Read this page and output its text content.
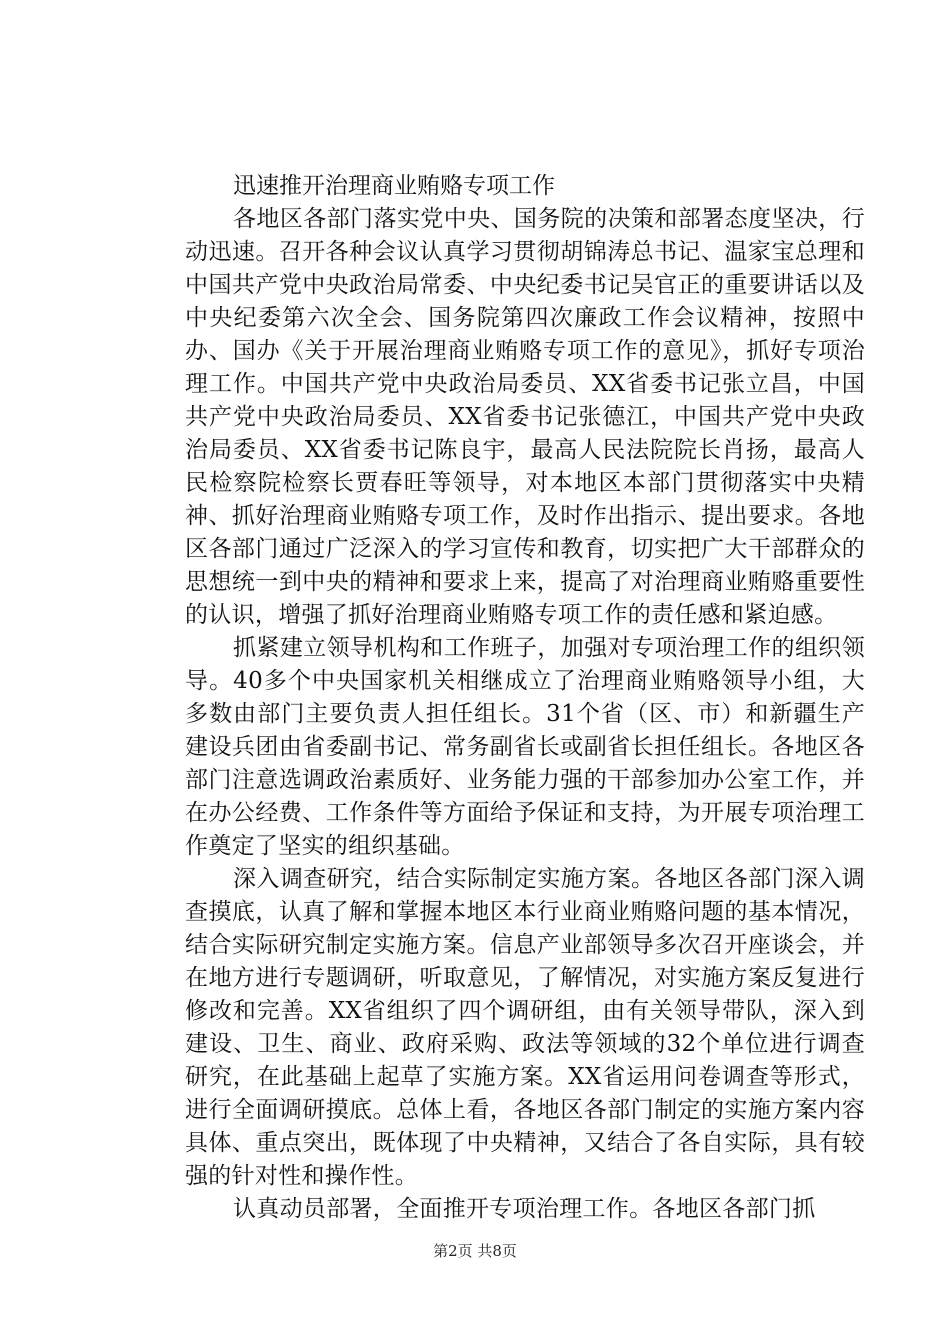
迅速推开治理商业贿赂专项工作

各地区各部门落实党中央、国务院的决策和部署态度坚决，行动迅速。召开各种会议认真学习贯彻胡锦涛总书记、温家宝总理和中国共产党中央政治局常委、中央纪委书记吴官正的重要讲话以及中央纪委第六次全会、国务院第四次廉政工作会议精神，按照中办、国办《关于开展治理商业贿赂专项工作的意见》，抓好专项治理工作。中国共产党中央政治局委员、XX省委书记张立昌，中国共产党中央政治局委员、XX省委书记张德江，中国共产党中央政治局委员、XX省委书记陈良宇，最高人民法院院长肖扬，最高人民检察院检察长贾春旺等领导，对本地区本部门贯彻落实中央精神、抓好治理商业贿赂专项工作，及时作出指示、提出要求。各地区各部门通过广泛深入的学习宣传和教育，切实把广大干部群众的思想统一到中央的精神和要求上来，提高了对治理商业贿赂重要性的认识，增强了抓好治理商业贿赂专项工作的责任感和紧迫感。

抓紧建立领导机构和工作班子，加强对专项治理工作的组织领导。40多个中央国家机关相继成立了治理商业贿赂领导小组，大多数由部门主要负责人担任组长。31个省（区、市）和新疆生产建设兵团由省委副书记、常务副省长或副省长担任组长。各地区各部门注意选调政治素质好、业务能力强的干部参加办公室工作，并在办公经费、工作条件等方面给予保证和支持，为开展专项治理工作奠定了坚实的组织基础。

深入调查研究，结合实际制定实施方案。各地区各部门深入调查摸底，认真了解和掌握本地区本行业商业贿赂问题的基本情况，结合实际研究制定实施方案。信息产业部领导多次召开座谈会，并在地方进行专题调研，听取意见，了解情况，对实施方案反复进行修改和完善。XX省组织了四个调研组，由有关领导带队，深入到建设、卫生、商业、政府采购、政法等领域的32个单位进行调查研究，在此基础上起草了实施方案。XX省运用问卷调查等形式，进行全面调研摸底。总体上看，各地区各部门制定的实施方案内容具体、重点突出，既体现了中央精神，又结合了各自实际，具有较强的针对性和操作性。

认真动员部署，全面推开专项治理工作。各地区各部门抓

第2页 共8页
